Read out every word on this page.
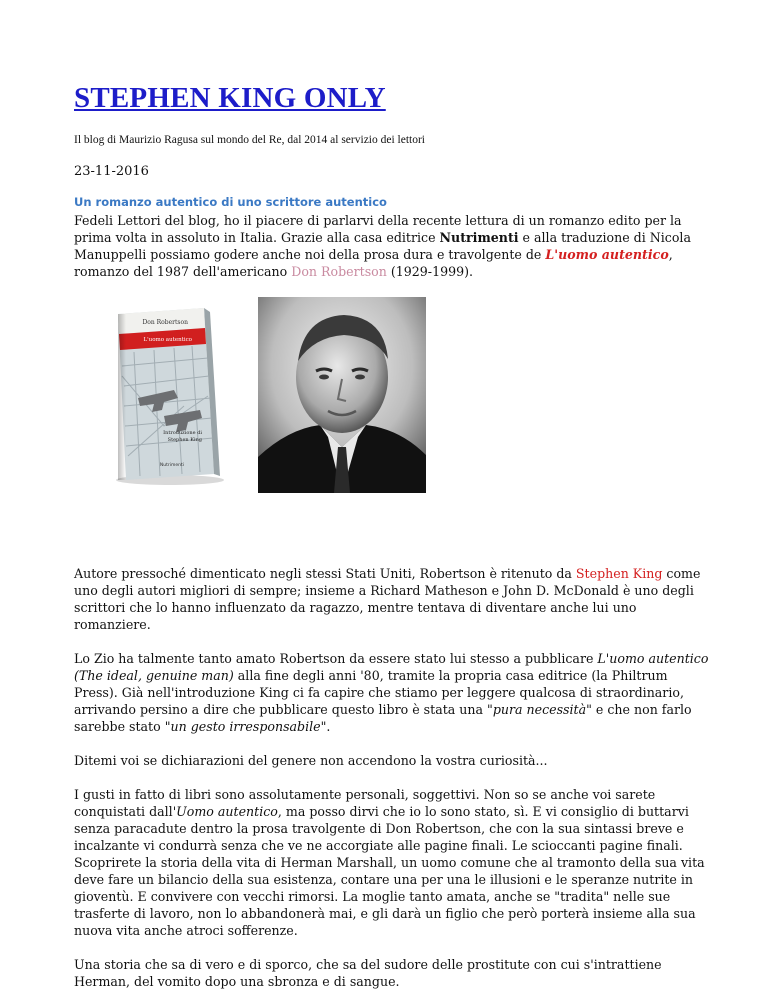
STEPHEN KING ONLY
Il blog di Maurizio Ragusa sul mondo del Re, dal 2014 al servizio dei lettori
23-11-2016
Un romanzo autentico di uno scrittore autentico

Fedeli Lettori del blog, ho il piacere di parlarvi della recente lettura di un romanzo edito per la prima volta in assoluto in Italia. Grazie alla casa editrice Nutrimenti e alla traduzione di Nicola Manuppelli possiamo godere anche noi della prosa dura e travolgente de L'uomo autentico, romanzo del 1987 dell'americano Don Robertson (1929-1999).

Don Robertson
L'uomo autentico
Introduzione di
Stephen King
Nutrimenti

Autore pressoché dimenticato negli stessi Stati Uniti, Robertson è ritenuto da Stephen King come uno degli autori migliori di sempre; insieme a Richard Matheson e John D. McDonald è uno degli scrittori che lo hanno influenzato da ragazzo, mentre tentava di diventare anche lui uno romanziere.

Lo Zio ha talmente tanto amato Robertson da essere stato lui stesso a pubblicare L'uomo autentico (The ideal, genuine man) alla fine degli anni '80, tramite la propria casa editrice (la Philtrum Press). Già nell'introduzione King ci fa capire che stiamo per leggere qualcosa di straordinario, arrivando persino a dire che pubblicare questo libro è stata una "pura necessità" e che non farlo sarebbe stato "un gesto irresponsabile".

Ditemi voi se dichiarazioni del genere non accendono la vostra curiosità...

I gusti in fatto di libri sono assolutamente personali, soggettivi. Non so se anche voi sarete conquistati dall'Uomo autentico, ma posso dirvi che io lo sono stato, sì. E vi consiglio di buttarvi senza paracadute dentro la prosa travolgente di Don Robertson, che con la sua sintassi breve e incalzante vi condurrà senza che ve ne accorgiate alle pagine finali. Le scioccanti pagine finali.

Scoprirete la storia della vita di Herman Marshall, un uomo comune che al tramonto della sua vita deve fare un bilancio della sua esistenza, contare una per una le illusioni e le speranze nutrite in gioventù. E convivere con vecchi rimorsi. La moglie tanto amata, anche se "tradita" nelle sue trasferte di lavoro, non lo abbandonerà mai, e gli darà un figlio che però porterà insieme alla sua nuova vita anche atroci sofferenze.

Una storia che sa di vero e di sporco, che sa del sudore delle prostitute con cui s'intrattiene Herman, del vomito dopo una sbronza e di sangue.
